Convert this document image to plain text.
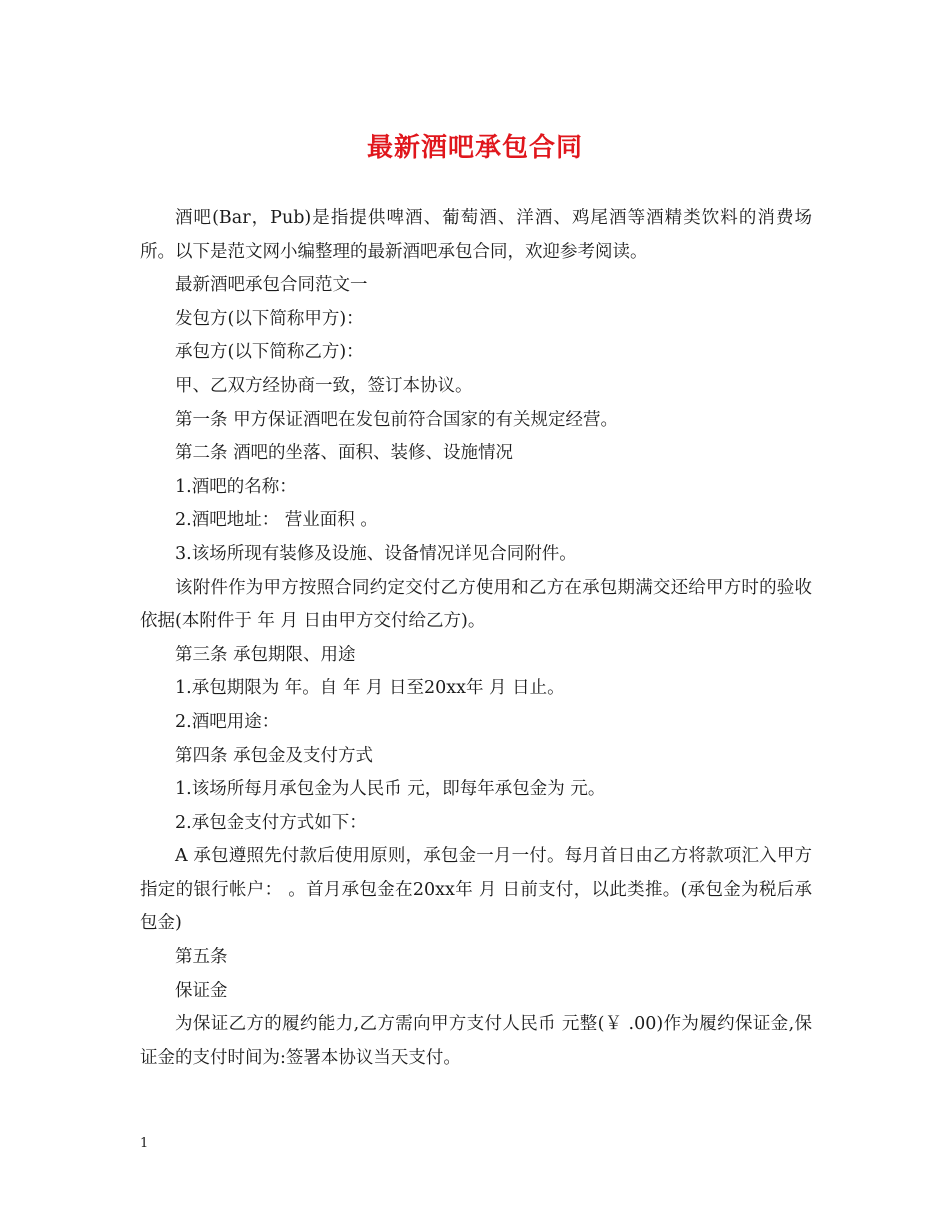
最新酒吧承包合同

酒吧(Bar，Pub)是指提供啤酒、葡萄酒、洋酒、鸡尾酒等酒精类饮料的消费场所。以下是范文网小编整理的最新酒吧承包合同，欢迎参考阅读。

最新酒吧承包合同范文一

发包方(以下简称甲方)：

承包方(以下简称乙方)：

甲、乙双方经协商一致，签订本协议。

第一条 甲方保证酒吧在发包前符合国家的有关规定经营。

第二条 酒吧的坐落、面积、装修、设施情况

1.酒吧的名称：

2.酒吧地址： 营业面积 。

3.该场所现有装修及设施、设备情况详见合同附件。

该附件作为甲方按照合同约定交付乙方使用和乙方在承包期满交还给甲方时的验收依据(本附件于 年 月 日由甲方交付给乙方)。

第三条 承包期限、用途

1.承包期限为 年。自 年 月 日至20xx年 月 日止。

2.酒吧用途：

第四条 承包金及支付方式

1.该场所每月承包金为人民币 元，即每年承包金为 元。

2.承包金支付方式如下：

A 承包遵照先付款后使用原则，承包金一月一付。每月首日由乙方将款项汇入甲方指定的银行帐户： 。首月承包金在20xx年 月 日前支付，以此类推。(承包金为税后承包金)

第五条

保证金

为保证乙方的履约能力,乙方需向甲方支付人民币 元整(￥ .00)作为履约保证金,保证金的支付时间为:签署本协议当天支付。

1
